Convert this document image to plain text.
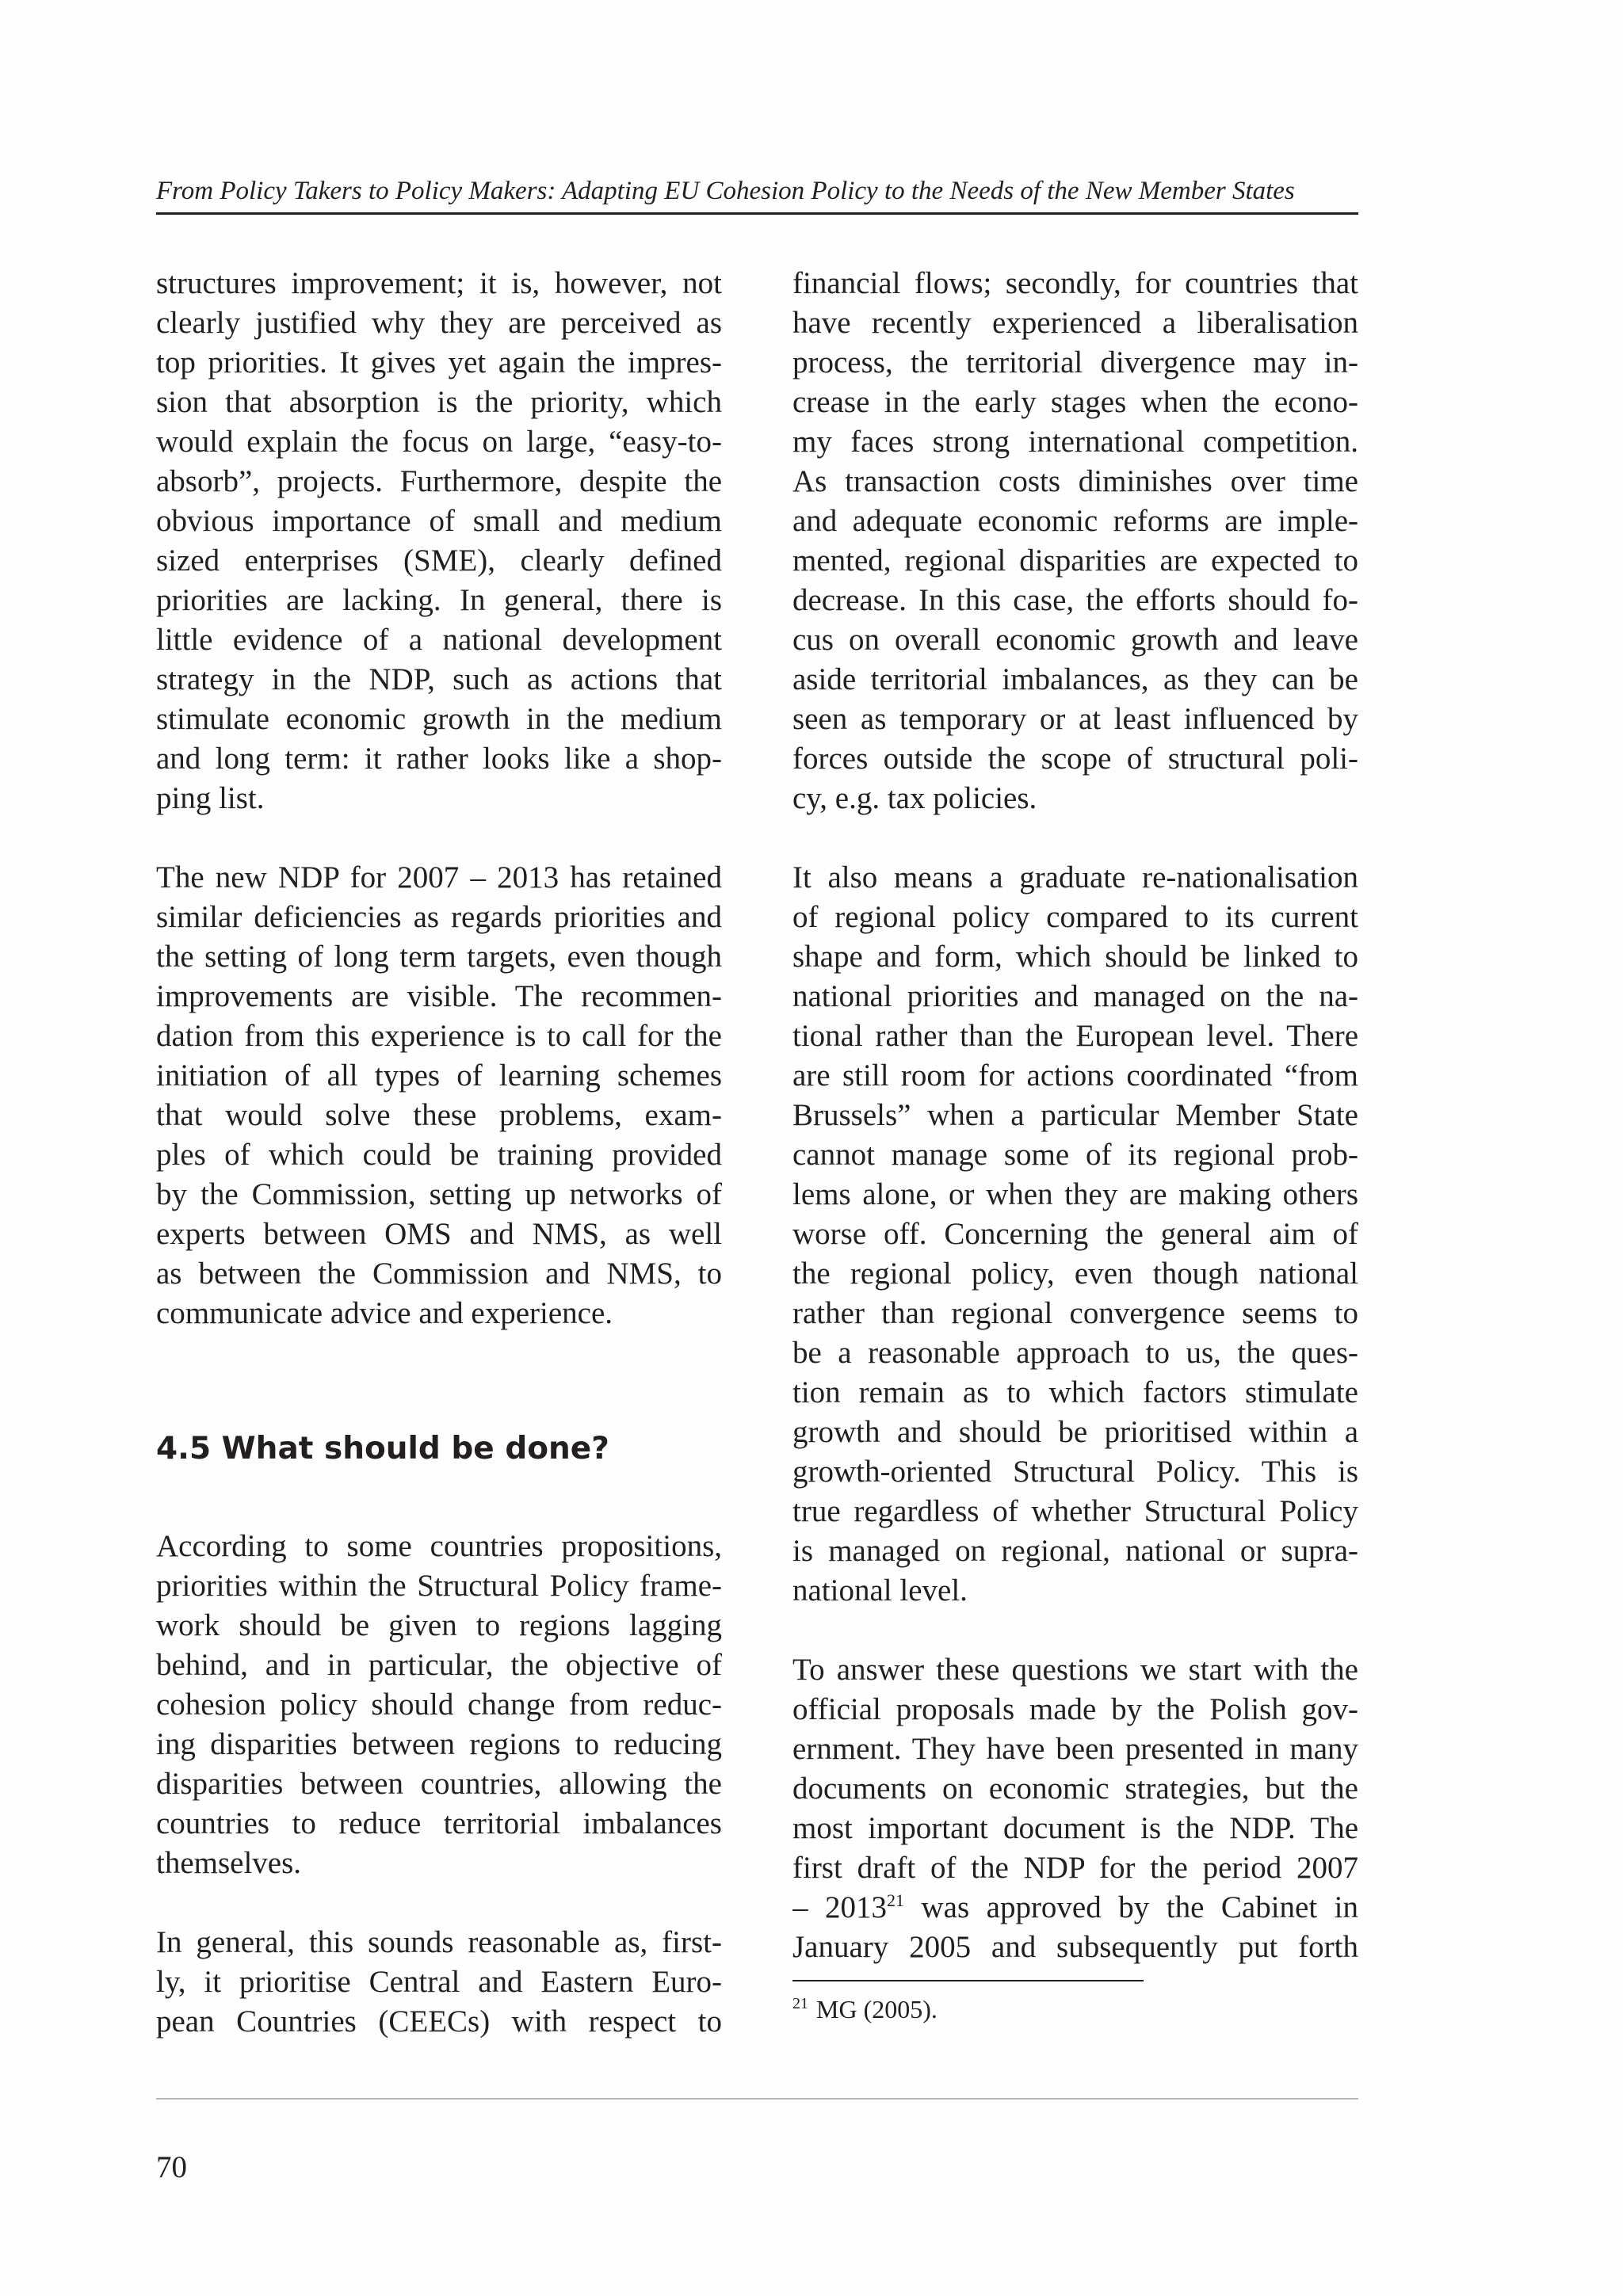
From Policy Takers to Policy Makers: Adapting EU Cohesion Policy to the Needs of the New Member States
structures improvement; it is, however, not
clearly justified why they are perceived as
top priorities. It gives yet again the impres-
sion that absorption is the priority, which
would explain the focus on large, “easy-to-
absorb”, projects. Furthermore, despite the
obvious importance of small and medium
sized enterprises (SME), clearly defined
priorities are lacking. In general, there is
little evidence of a national development
strategy in the NDP, such as actions that
stimulate economic growth in the medium
and long term: it rather looks like a shop-
ping list.
The new NDP for 2007 – 2013 has retained
similar deficiencies as regards priorities and
the setting of long term targets, even though
improvements are visible. The recommen-
dation from this experience is to call for the
initiation of all types of learning schemes
that would solve these problems, exam-
ples of which could be training provided
by the Commission, setting up networks of
experts between OMS and NMS, as well
as between the Commission and NMS, to
communicate advice and experience.
4.5 What should be done?
According to some countries propositions,
priorities within the Structural Policy frame-
work should be given to regions lagging
behind, and in particular, the objective of
cohesion policy should change from reduc-
ing disparities between regions to reducing
disparities between countries, allowing the
countries to reduce territorial imbalances
themselves.
In general, this sounds reasonable as, first-
ly, it prioritise Central and Eastern Euro-
pean Countries (CEECs) with respect to
financial flows; secondly, for countries that
have recently experienced a liberalisation
process, the territorial divergence may in-
crease in the early stages when the econo-
my faces strong international competition.
As transaction costs diminishes over time
and adequate economic reforms are imple-
mented, regional disparities are expected to
decrease. In this case, the efforts should fo-
cus on overall economic growth and leave
aside territorial imbalances, as they can be
seen as temporary or at least influenced by
forces outside the scope of structural poli-
cy, e.g. tax policies.
It also means a graduate re-nationalisation
of regional policy compared to its current
shape and form, which should be linked to
national priorities and managed on the na-
tional rather than the European level. There
are still room for actions coordinated “from
Brussels” when a particular Member State
cannot manage some of its regional prob-
lems alone, or when they are making others
worse off. Concerning the general aim of
the regional policy, even though national
rather than regional convergence seems to
be a reasonable approach to us, the ques-
tion remain as to which factors stimulate
growth and should be prioritised within a
growth-oriented Structural Policy. This is
true regardless of whether Structural Policy
is managed on regional, national or supra-
national level.
To answer these questions we start with the
official proposals made by the Polish gov-
ernment. They have been presented in many
documents on economic strategies, but the
most important document is the NDP. The
first draft of the NDP for the period 2007
– 2013$^{21}$ was approved by the Cabinet in
January 2005 and subsequently put forth
$^{21}$ MG (2005).
70
